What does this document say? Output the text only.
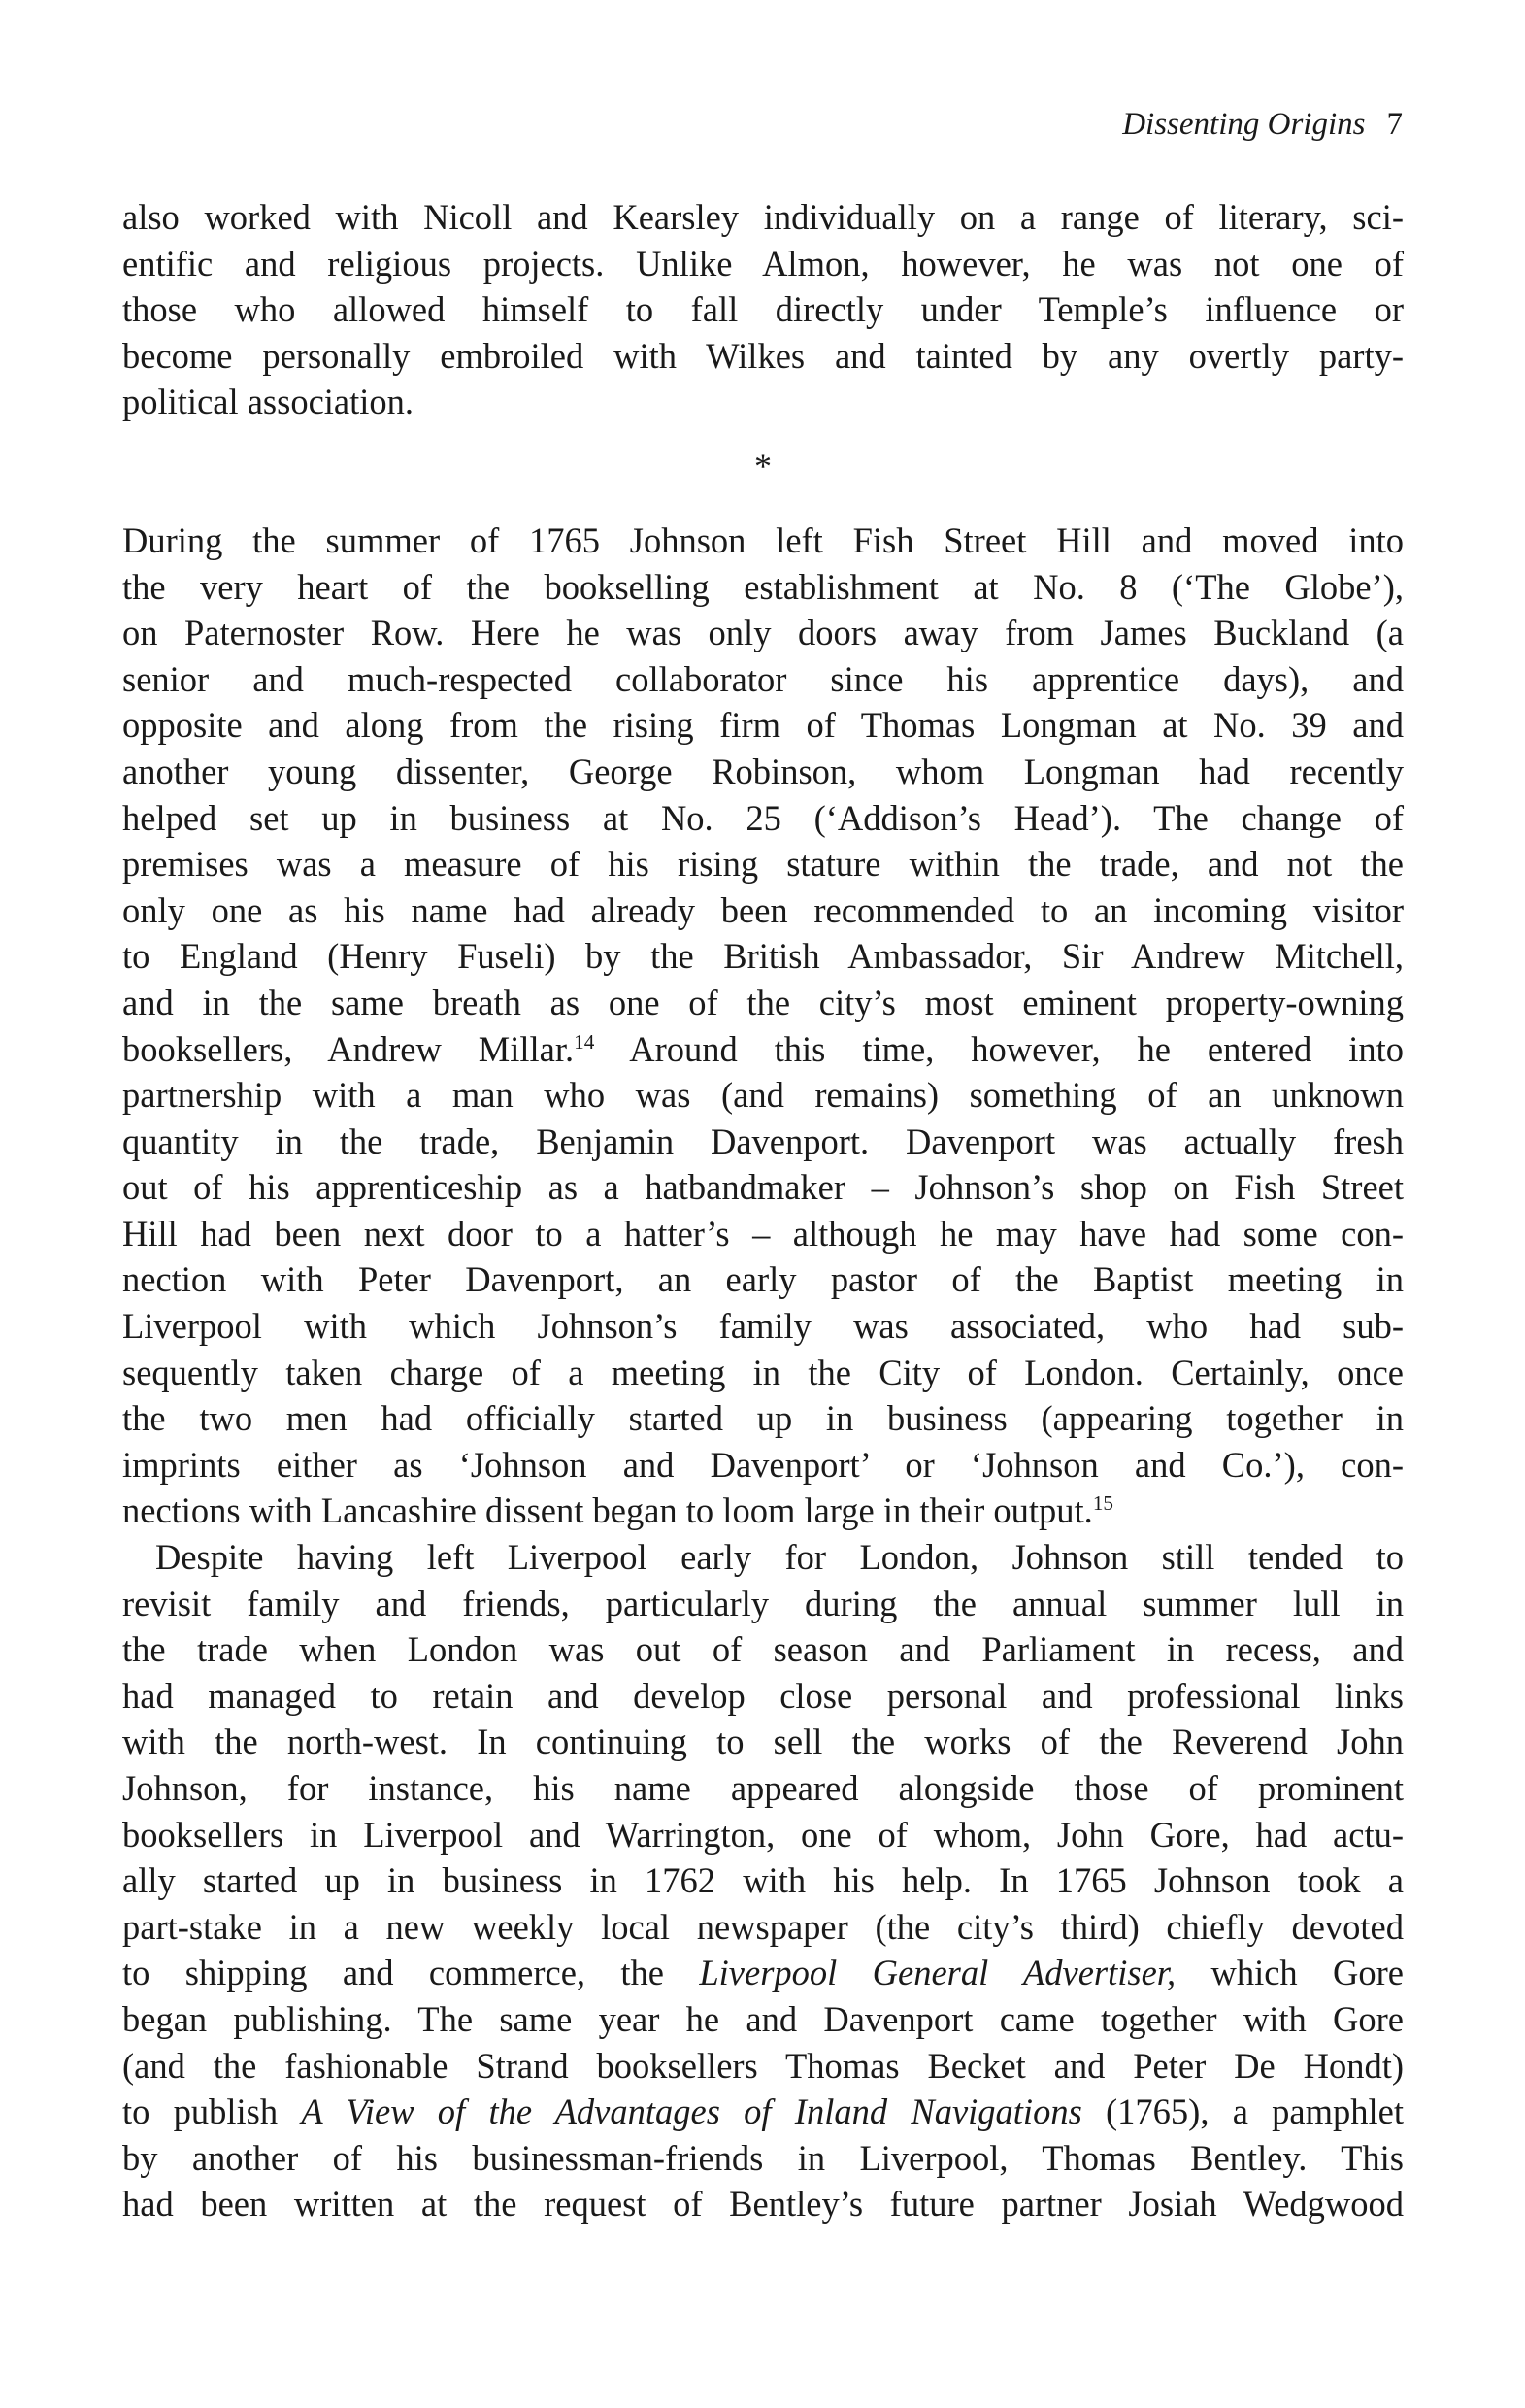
Dissenting Origins 7
also worked with Nicoll and Kearsley individually on a range of literary, sci-
entific and religious projects. Unlike Almon, however, he was not one of
those who allowed himself to fall directly under Temple’s influence or
become personally embroiled with Wilkes and tainted by any overtly party-
political association.
*
During the summer of 1765 Johnson left Fish Street Hill and moved into
the very heart of the bookselling establishment at No. 8 (‘The Globe’),
on Paternoster Row. Here he was only doors away from James Buckland (a
senior and much-respected collaborator since his apprentice days), and
opposite and along from the rising firm of Thomas Longman at No. 39 and
another young dissenter, George Robinson, whom Longman had recently
helped set up in business at No. 25 (‘Addison’s Head’). The change of
premises was a measure of his rising stature within the trade, and not the
only one as his name had already been recommended to an incoming visitor
to England (Henry Fuseli) by the British Ambassador, Sir Andrew Mitchell,
and in the same breath as one of the city’s most eminent property-owning
booksellers, Andrew Millar.$^{14}$ Around this time, however, he entered into
partnership with a man who was (and remains) something of an unknown
quantity in the trade, Benjamin Davenport. Davenport was actually fresh
out of his apprenticeship as a hatbandmaker – Johnson’s shop on Fish Street
Hill had been next door to a hatter’s – although he may have had some con-
nection with Peter Davenport, an early pastor of the Baptist meeting in
Liverpool with which Johnson’s family was associated, who had sub-
sequently taken charge of a meeting in the City of London. Certainly, once
the two men had officially started up in business (appearing together in
imprints either as ‘Johnson and Davenport’ or ‘Johnson and Co.’), con-
nections with Lancashire dissent began to loom large in their output.$^{15}$
Despite having left Liverpool early for London, Johnson still tended to
revisit family and friends, particularly during the annual summer lull in
the trade when London was out of season and Parliament in recess, and
had managed to retain and develop close personal and professional links
with the north-west. In continuing to sell the works of the Reverend John
Johnson, for instance, his name appeared alongside those of prominent
booksellers in Liverpool and Warrington, one of whom, John Gore, had actu-
ally started up in business in 1762 with his help. In 1765 Johnson took a
part-stake in a new weekly local newspaper (the city’s third) chiefly devoted
to shipping and commerce, the Liverpool General Advertiser, which Gore
began publishing. The same year he and Davenport came together with Gore
(and the fashionable Strand booksellers Thomas Becket and Peter De Hondt)
to publish A View of the Advantages of Inland Navigations (1765), a pamphlet
by another of his businessman-friends in Liverpool, Thomas Bentley. This
had been written at the request of Bentley’s future partner Josiah Wedgwood
